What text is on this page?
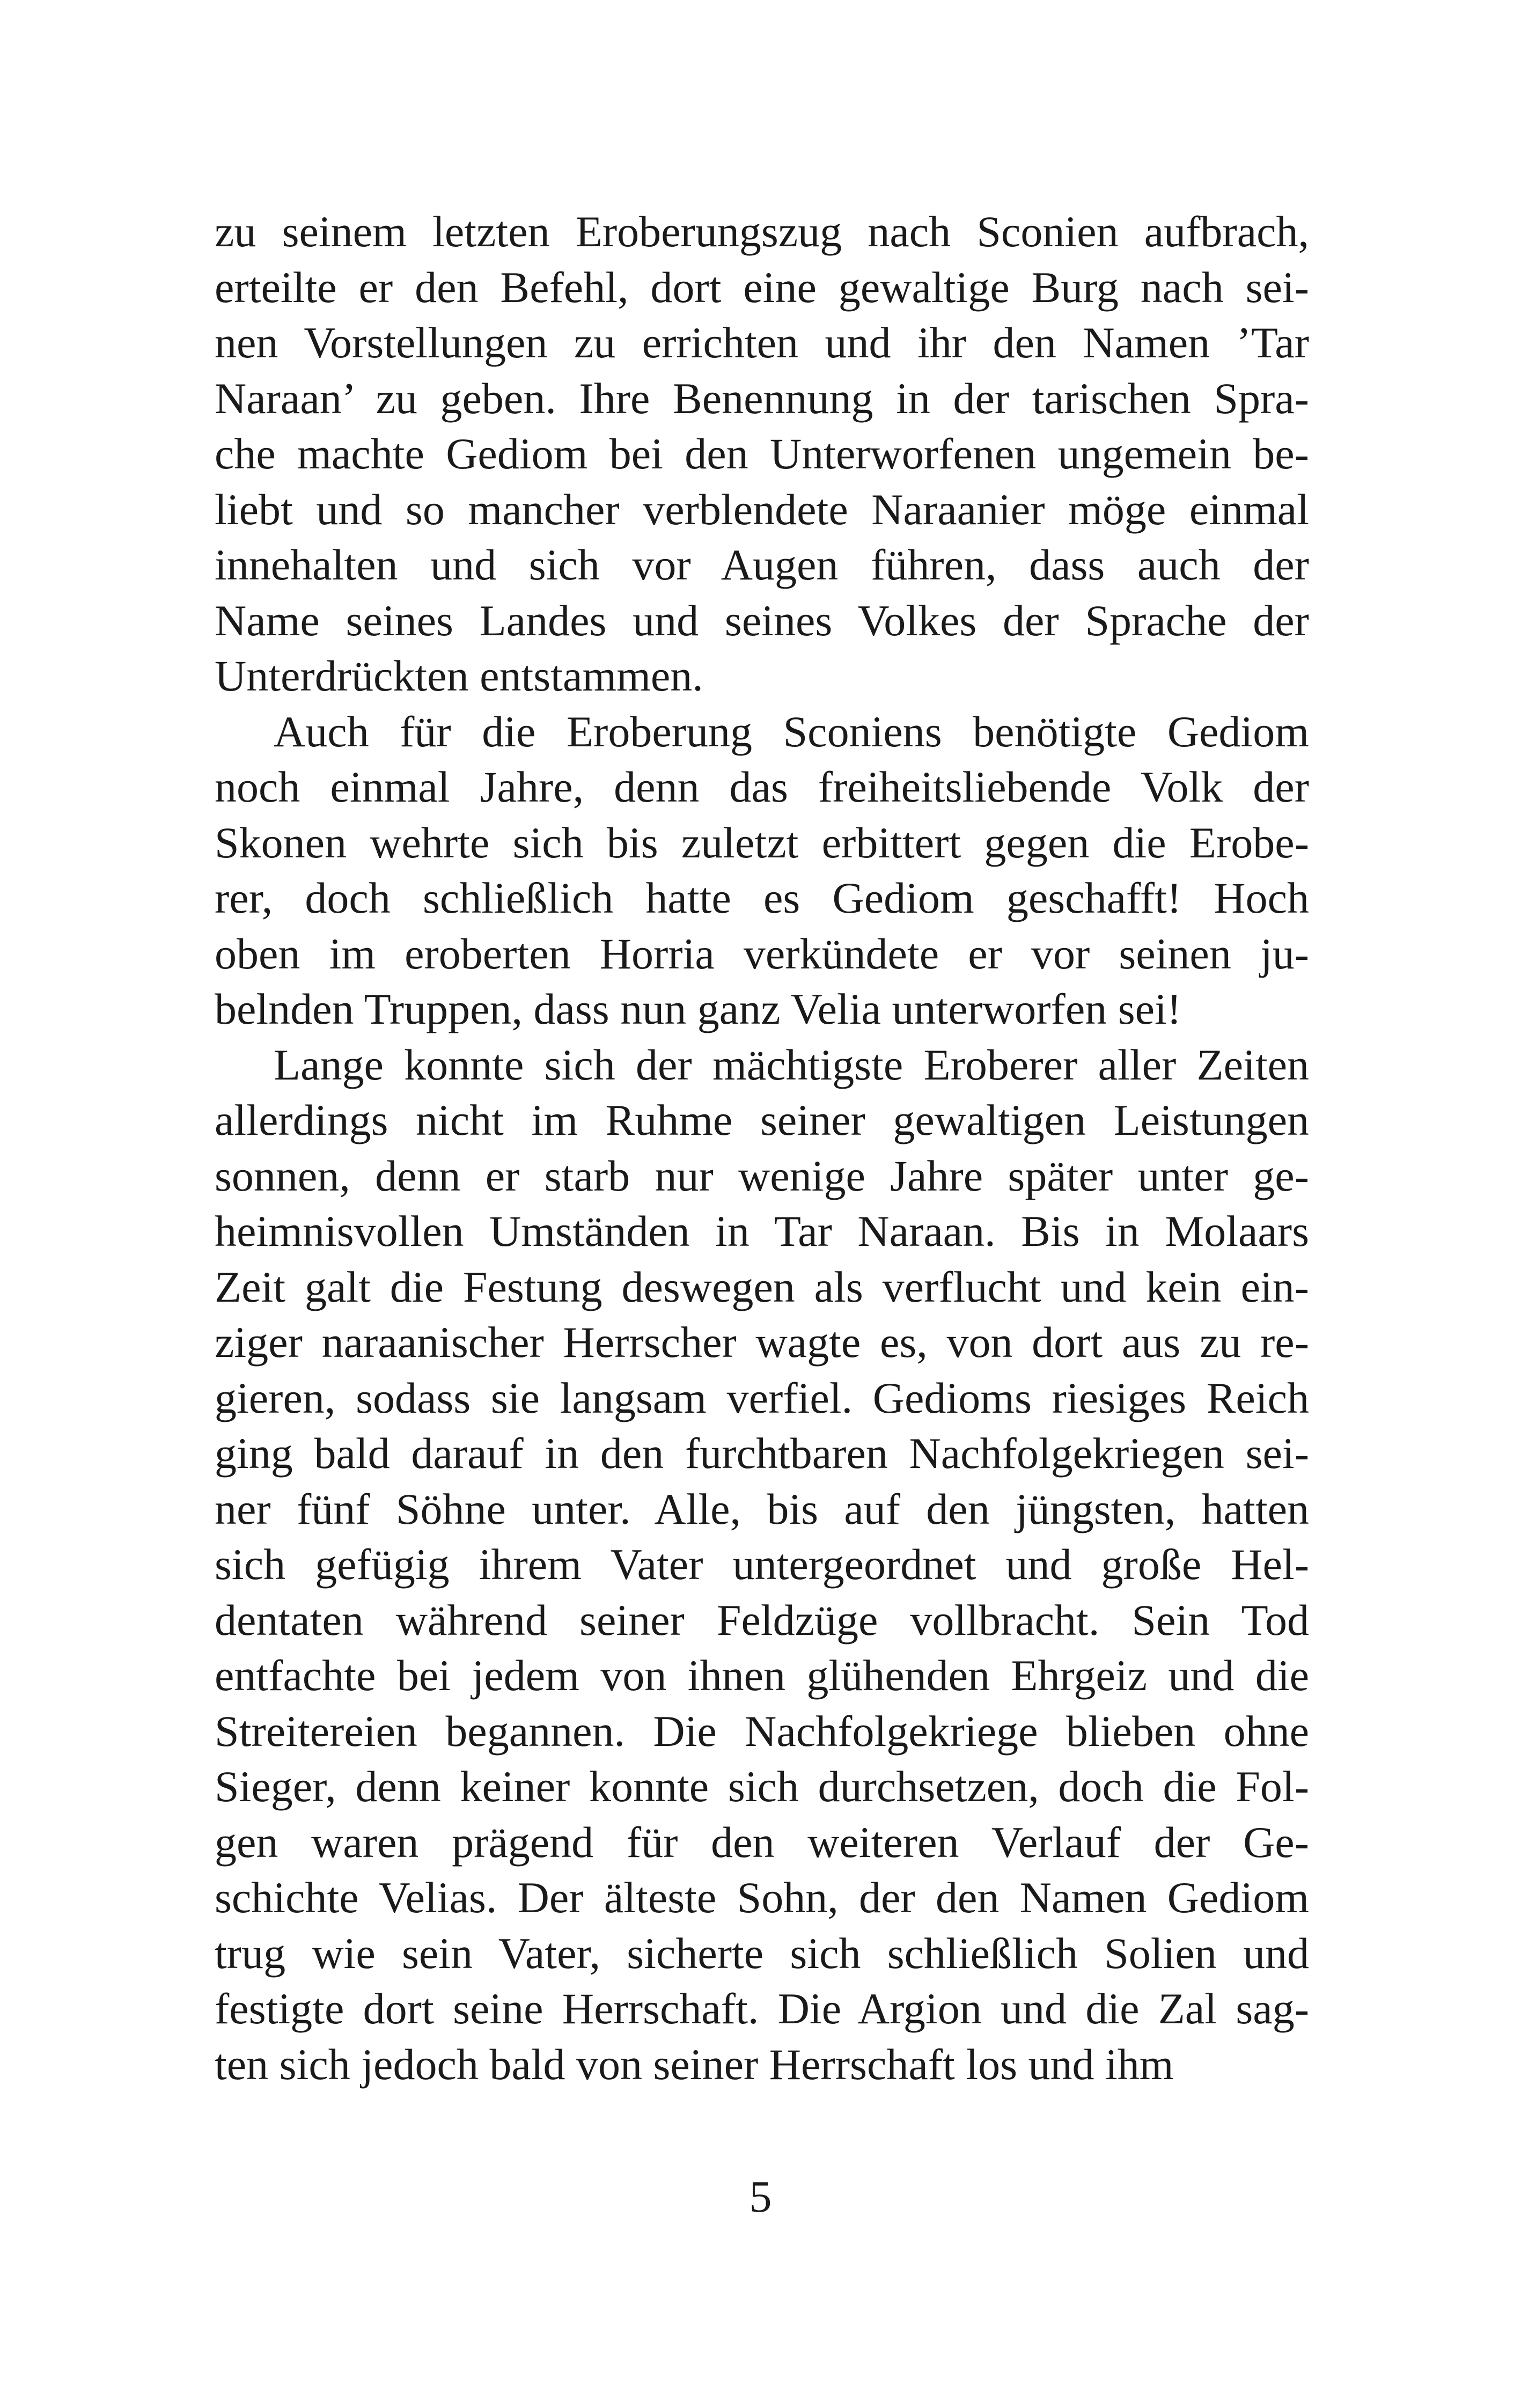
zu seinem letzten Eroberungszug nach Sconien aufbrach,
erteilte er den Befehl, dort eine gewaltige Burg nach sei-
nen Vorstellungen zu errichten und ihr den Namen ’Tar
Naraan’ zu geben. Ihre Benennung in der tarischen Spra-
che machte Gediom bei den Unterworfenen ungemein be-
liebt und so mancher verblendete Naraanier möge einmal
innehalten und sich vor Augen führen, dass auch der
Name seines Landes und seines Volkes der Sprache der
Unterdrückten entstammen.
Auch für die Eroberung Sconiens benötigte Gediom
noch einmal Jahre, denn das freiheitsliebende Volk der
Skonen wehrte sich bis zuletzt erbittert gegen die Erobe-
rer, doch schließlich hatte es Gediom geschafft! Hoch
oben im eroberten Horria verkündete er vor seinen ju-
belnden Truppen, dass nun ganz Velia unterworfen sei!
Lange konnte sich der mächtigste Eroberer aller Zeiten
allerdings nicht im Ruhme seiner gewaltigen Leistungen
sonnen, denn er starb nur wenige Jahre später unter ge-
heimnisvollen Umständen in Tar Naraan. Bis in Molaars
Zeit galt die Festung deswegen als verflucht und kein ein-
ziger naraanischer Herrscher wagte es, von dort aus zu re-
gieren, sodass sie langsam verfiel. Gedioms riesiges Reich
ging bald darauf in den furchtbaren Nachfolgekriegen sei-
ner fünf Söhne unter. Alle, bis auf den jüngsten, hatten
sich gefügig ihrem Vater untergeordnet und große Hel-
dentaten während seiner Feldzüge vollbracht. Sein Tod
entfachte bei jedem von ihnen glühenden Ehrgeiz und die
Streitereien begannen. Die Nachfolgekriege blieben ohne
Sieger, denn keiner konnte sich durchsetzen, doch die Fol-
gen waren prägend für den weiteren Verlauf der Ge-
schichte Velias. Der älteste Sohn, der den Namen Gediom
trug wie sein Vater, sicherte sich schließlich Solien und
festigte dort seine Herrschaft. Die Argion und die Zal sag-
ten sich jedoch bald von seiner Herrschaft los und ihm
5
